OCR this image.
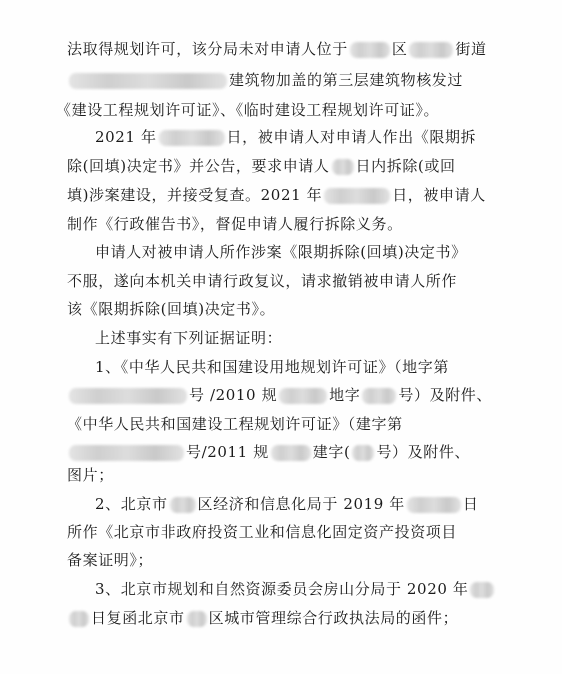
法取得规划许可，该分局未对申请人位于	区	街道
建筑物加盖的第三层建筑物核发过
《建设工程规划许可证》、《临时建设工程规划许可证》。
2021 年	日，被申请人对申请人作出《限期拆
除(回填)决定书》并公告，要求申请人 日内拆除(或回
填)涉案建设，并接受复查。2021 年	日，被申请人
制作《行政催告书》，督促申请人履行拆除义务。
申请人对被申请人所作涉案《限期拆除(回填)决定书》
不服，遂向本机关申请行政复议，请求撤销被申请人所作
该《限期拆除(回填)决定书》。
上述事实有下列证据证明：
1、《中华人民共和国建设用地规划许可证》（地字第
号 /2010 规	地字	号）及附件、
《中华人民共和国建设工程规划许可证》（建字第
号/2011 规	建字( 号）及附件、
图片；
2、北京市 区经济和信息化局于 2019 年	日
所作《北京市非政府投资工业和信息化固定资产投资项目
备案证明》；
3、北京市规划和自然资源委员会房山分局于 2020 年
日复函北京市 区城市管理综合行政执法局的函件；
